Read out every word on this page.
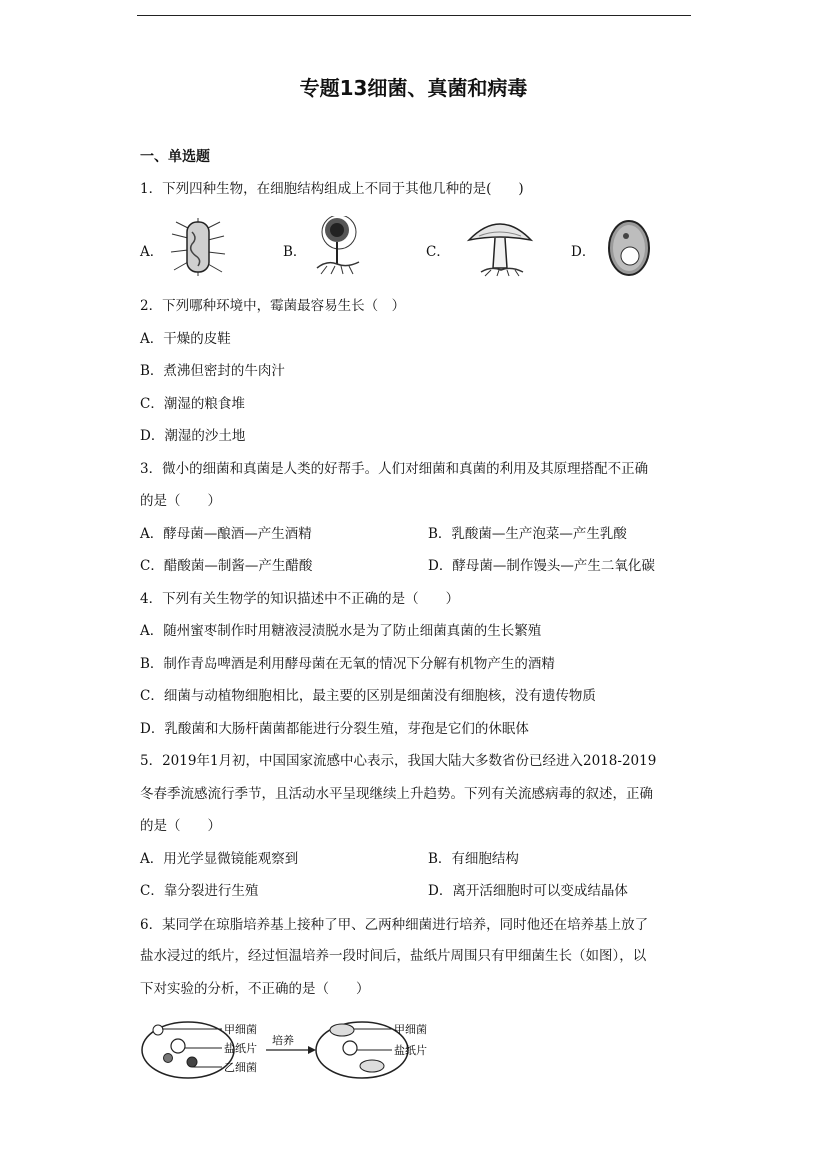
专题13细菌、真菌和病毒
一、单选题
1．下列四种生物，在细胞结构组成上不同于其他几种的是(　　)
A．	B．	C．	D．
2．下列哪种环境中，霉菌最容易生长（　）
A．干燥的皮鞋
B．煮沸但密封的牛肉汁
C．潮湿的粮食堆
D．潮湿的沙土地
3．微小的细菌和真菌是人类的好帮手。人们对细菌和真菌的利用及其原理搭配不正确
的是（　　）
A．酵母菌—酿酒—产生酒精	B．乳酸菌—生产泡菜—产生乳酸
C．醋酸菌—制酱—产生醋酸	D．酵母菌—制作馒头—产生二氧化碳
4．下列有关生物学的知识描述中不正确的是（　　）
A．随州蜜枣制作时用糖液浸渍脱水是为了防止细菌真菌的生长繁殖
B．制作青岛啤酒是利用酵母菌在无氧的情况下分解有机物产生的酒精
C．细菌与动植物细胞相比，最主要的区别是细菌没有细胞核，没有遗传物质
D．乳酸菌和大肠杆菌菌都能进行分裂生殖，芽孢是它们的休眠体
5．2019年1月初，中国国家流感中心表示，我国大陆大多数省份已经进入2018-2019
冬春季流感流行季节，且活动水平呈现继续上升趋势。下列有关流感病毒的叙述，正确
的是（　　）
A．用光学显微镜能观察到	B．有细胞结构
C．靠分裂进行生殖	D．离开活细胞时可以变成结晶体
6．某同学在琼脂培养基上接种了甲、乙两种细菌进行培养，同时他还在培养基上放了
盐水浸过的纸片，经过恒温培养一段时间后，盐纸片周围只有甲细菌生长（如图），以
下对实验的分析，不正确的是（　　）
甲细菌
盐纸片
乙细菌
培养
甲细菌
盐纸片
